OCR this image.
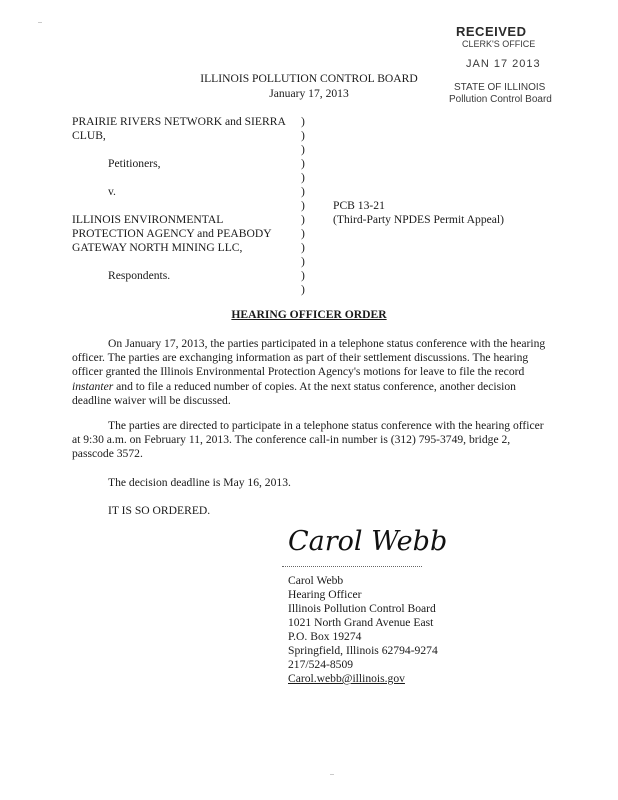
..
..
RECEIVED
CLERK'S OFFICE
JAN 17 2013
STATE OF ILLINOIS
Pollution Control Board
ILLINOIS POLLUTION CONTROL BOARD
January 17, 2013
PRAIRIE RIVERS NETWORK and SIERRA
CLUB,
Petitioners,
v.
ILLINOIS ENVIRONMENTAL
PROTECTION AGENCY and PEABODY
GATEWAY NORTH MINING LLC,
Respondents.
)
)
)
)
)
)
)
)
)
)
)
)
)
PCB 13-21
(Third-Party NPDES Permit Appeal)
HEARING OFFICER ORDER
On January 17, 2013, the parties participated in a telephone status conference with the hearing officer. The parties are exchanging information as part of their settlement discussions. The hearing officer granted the Illinois Environmental Protection Agency's motions for leave to file the record instanter and to file a reduced number of copies. At the next status conference, another decision deadline waiver will be discussed.
The parties are directed to participate in a telephone status conference with the hearing officer at 9:30 a.m. on February 11, 2013. The conference call-in number is (312) 795-3749, bridge 2, passcode 3572.
The decision deadline is May 16, 2013.
IT IS SO ORDERED.
Carol Webb
Carol Webb
Hearing Officer
Illinois Pollution Control Board
1021 North Grand Avenue East
P.O. Box 19274
Springfield, Illinois 62794-9274
217/524-8509
Carol.webb@illinois.gov
